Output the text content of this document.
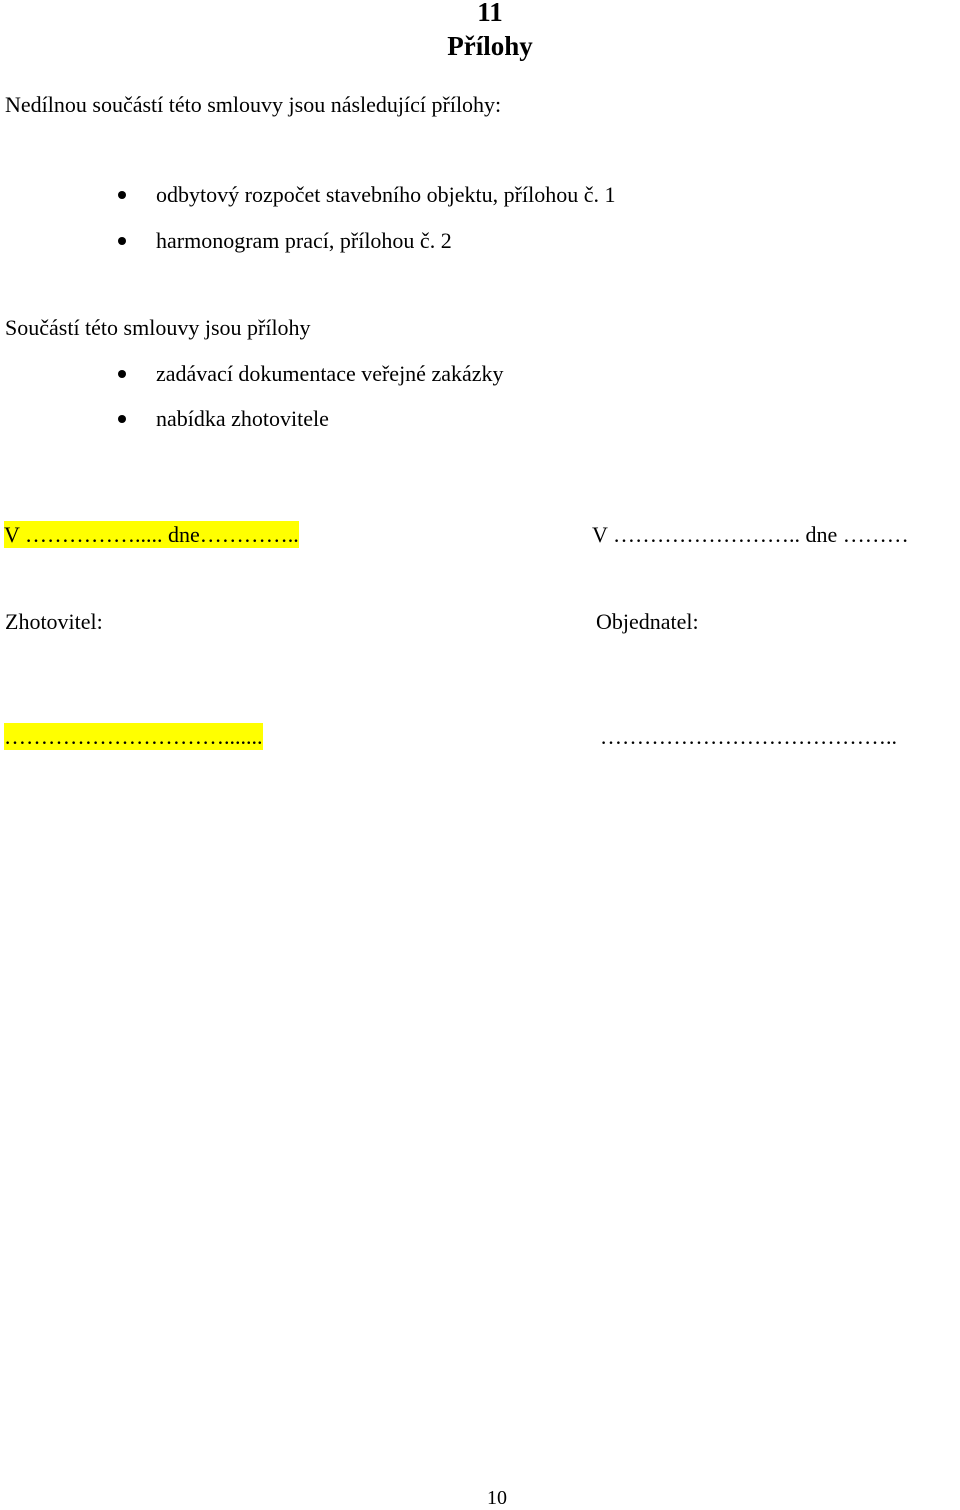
11
Přílohy
Nedílnou součástí této smlouvy jsou následující přílohy:
odbytový rozpočet stavebního objektu, přílohou č. 1
harmonogram prací, přílohou č. 2
Součástí této smlouvy jsou přílohy
zadávací dokumentace veřejné zakázky
nabídka zhotovitele
V ……………..... dne…………..	V …………………….. dne ………
Zhotovitel:	Objednatel:
………………………….......	…………………………………..
10
